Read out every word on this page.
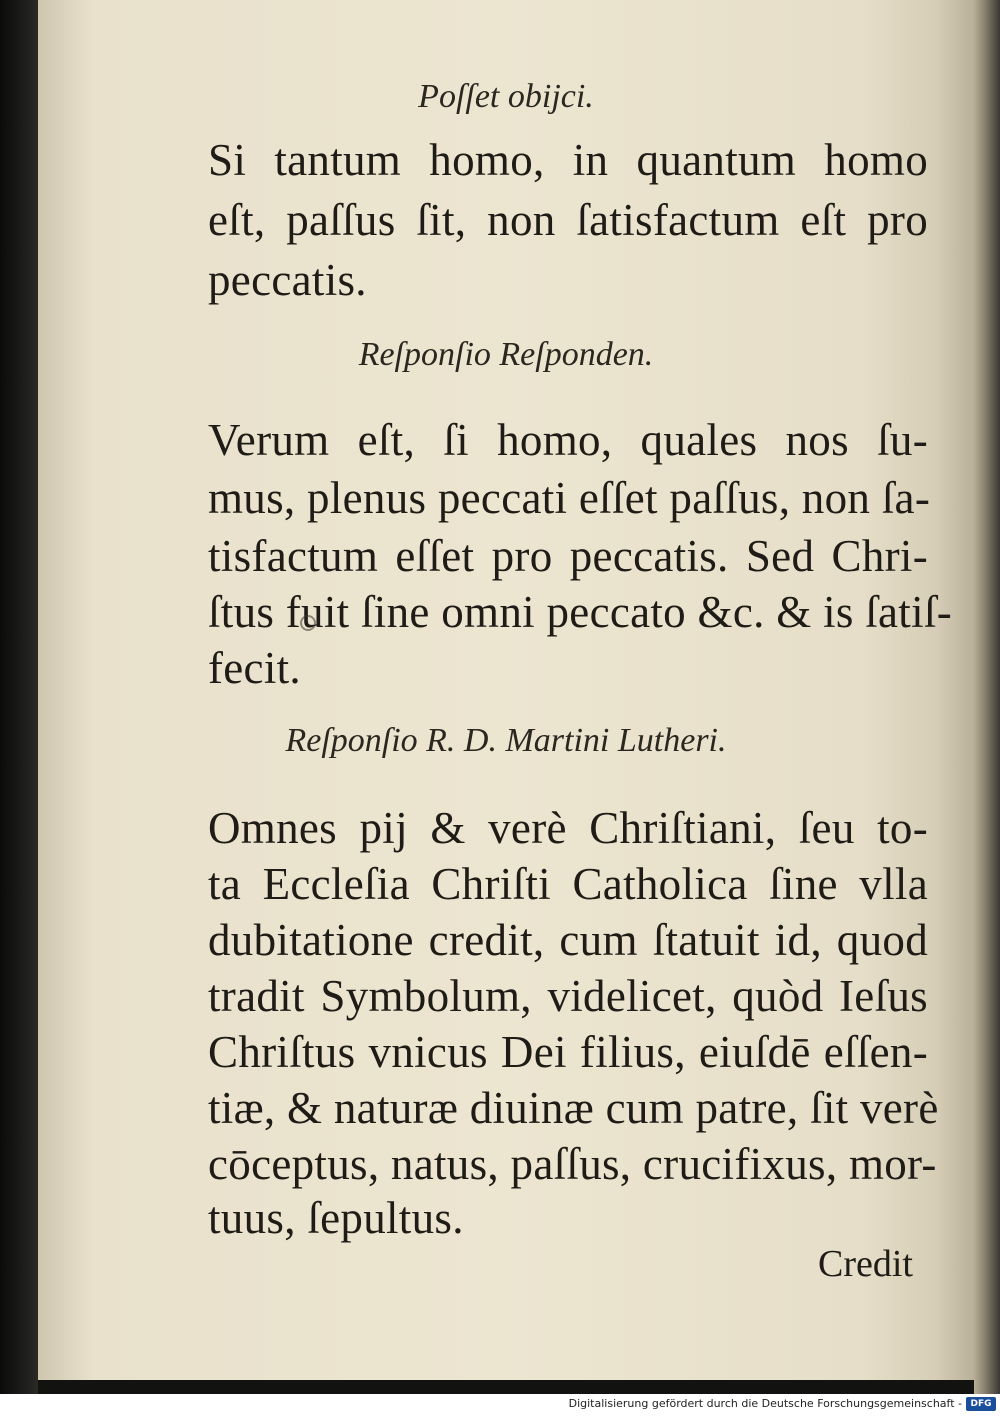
Poſſet obijci.
Si tantum homo, in quantum homo
eſt, paſſus ſit, non ſatisfactum eſt pro
peccatis.
Reſponſio Reſponden.
Verum eſt, ſi homo, quales nos ſu-
mus, plenus peccati eſſet paſſus, non ſa-
tisfactum eſſet pro peccatis. Sed Chri-
ſtus fuit ſine omni peccato &c. & is ſatiſ-
fecit.
Reſponſio R. D. Martini Lutheri.
Omnes pij & verè Chriſtiani, ſeu to-
ta Eccleſia Chriſti Catholica ſine vlla
dubitatione credit, cum ſtatuit id, quod
tradit Symbolum, videlicet, quòd Ieſus
Chriſtus vnicus Dei filius, eiuſdē eſſen-
tiæ, & naturæ diuinæ cum patre, ſit verè
cōceptus, natus, paſſus, crucifixus, mor-
tuus, ſepultus.
Credit
Digitalisierung gefördert durch die Deutsche Forschungsgemeinschaft - DFG
